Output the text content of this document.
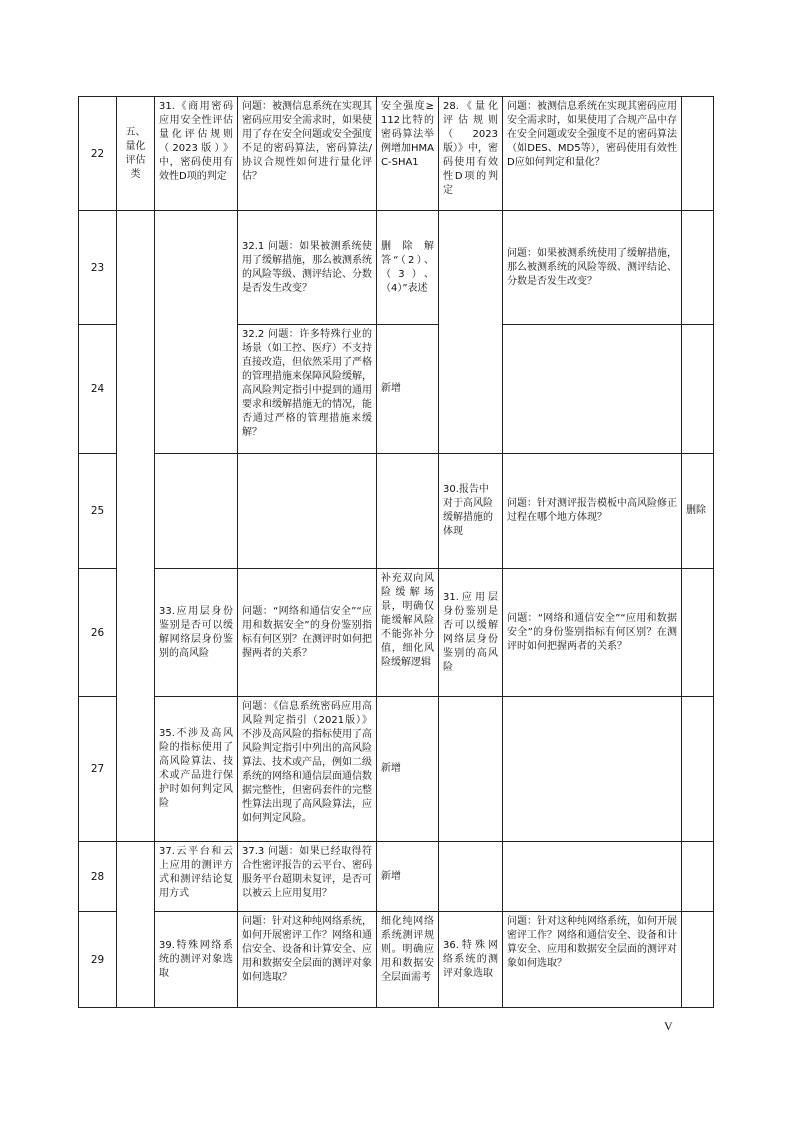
22	五、量化评估类	31.《商用密码应用安全性评估量化评估规则（2023版）》中，密码使用有效性D项的判定	问题：被测信息系统在实现其密码应用安全需求时，如果使用了存在安全问题或安全强度不足的密码算法，密码算法/协议合规性如何进行量化评估？	安全强度≥112比特的密码算法举例增加HMAC-SHA1	28.《量化评估规则（2023版）》中，密码使用有效性D项的判定	问题：被测信息系统在实现其密码应用安全需求时，如果使用了合规产品中存在安全问题或安全强度不足的密码算法（如DES、MD5等），密码使用有效性D应如何判定和量化？	
23			32.1 问题：如果被测系统使用了缓解措施，那么被测系统的风险等级、测评结论、分数是否发生改变？	删除解答“（2）、（3）、（4）”表述		问题：如果被测系统使用了缓解措施，那么被测系统的风险等级、测评结论、分数是否发生改变？	
24			32.2 问题：许多特殊行业的场景（如工控、医疗）不支持直接改造，但依然采用了严格的管理措施来保障风险缓解，高风险判定指引中提到的通用要求和缓解措施无的情况，能否通过严格的管理措施来缓解？	新增			
25					30.报告中对于高风险缓解措施的体现	问题：针对测评报告模板中高风险修正过程在哪个地方体现？	删除
26		33.应用层身份鉴别是否可以缓解网络层身份鉴别的高风险	问题：“网络和通信安全”“应用和数据安全”的身份鉴别指标有何区别？在测评时如何把握两者的关系？	补充双向风险缓解场景，明确仅能缓解风险不能弥补分值，细化风险缓解逻辑	31.应用层身份鉴别是否可以缓解网络层身份鉴别的高风险	问题：“网络和通信安全”“应用和数据安全”的身份鉴别指标有何区别？在测评时如何把握两者的关系？	
27		35.不涉及高风险的指标使用了高风险算法、技术或产品进行保护时如何判定风险	问题：《信息系统密码应用高风险判定指引（2021版）》不涉及高风险的指标使用了高风险判定指引中列出的高风险算法、技术或产品，例如二级系统的网络和通信层面通信数据完整性，但密码套件的完整性算法出现了高风险算法，应如何判定风险。	新增			
28		37.云平台和云上应用的测评方式和测评结论复用方式	37.3 问题：如果已经取得符合性密评报告的云平台、密码服务平台超期未复评，是否可以被云上应用复用？	新增			
29		39.特殊网络系统的测评对象选取	问题：针对这种纯网络系统，如何开展密评工作？网络和通信安全、设备和计算安全、应用和数据安全层面的测评对象如何选取？	细化纯网络系统测评规则。明确应用和数据安全层面需考	36.特殊网络系统的测评对象选取	问题：针对这种纯网络系统，如何开展密评工作？网络和通信安全、设备和计算安全、应用和数据安全层面的测评对象如何选取？	
V
